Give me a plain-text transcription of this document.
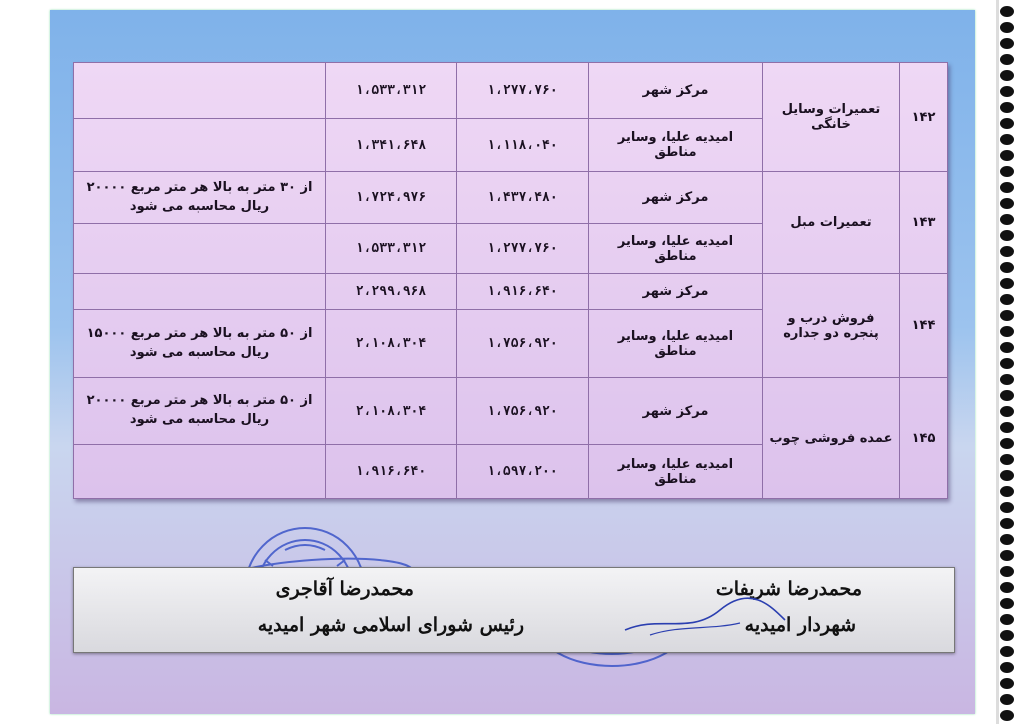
۱۴۲	تعمیرات وسایل خانگی	مرکز شهر	۱،۲۷۷،۷۶۰	۱،۵۳۳،۳۱۲	
		امیدیه علیا، وسایر مناطق	۱،۱۱۸،۰۴۰	۱،۳۴۱،۶۴۸	
۱۴۳	تعمیرات مبل	مرکز شهر	۱،۴۳۷،۴۸۰	۱،۷۲۴،۹۷۶	از ۳۰ متر به بالا هر متر مربع ۲۰۰۰۰ ریال محاسبه می شود
		امیدیه علیا، وسایر مناطق	۱،۲۷۷،۷۶۰	۱،۵۳۳،۳۱۲	
۱۴۴	فروش درب و پنجره دو جداره	مرکز شهر	۱،۹۱۶،۶۴۰	۲،۲۹۹،۹۶۸	
		امیدیه علیا، وسایر مناطق	۱،۷۵۶،۹۲۰	۲،۱۰۸،۳۰۴	از ۵۰ متر به بالا هر متر مربع ۱۵۰۰۰ ریال محاسبه می شود
۱۴۵	عمده فروشی چوب	مرکز شهر	۱،۷۵۶،۹۲۰	۲،۱۰۸،۳۰۴	از ۵۰ متر به بالا هر متر مربع ۲۰۰۰۰ ریال محاسبه می شود
		امیدیه علیا، وسایر مناطق	۱،۵۹۷،۲۰۰	۱،۹۱۶،۶۴۰	
محمدرضا شریفات
شهردار امیدیه
محمدرضا آقاجری
رئیس شورای اسلامی شهر امیدیه
